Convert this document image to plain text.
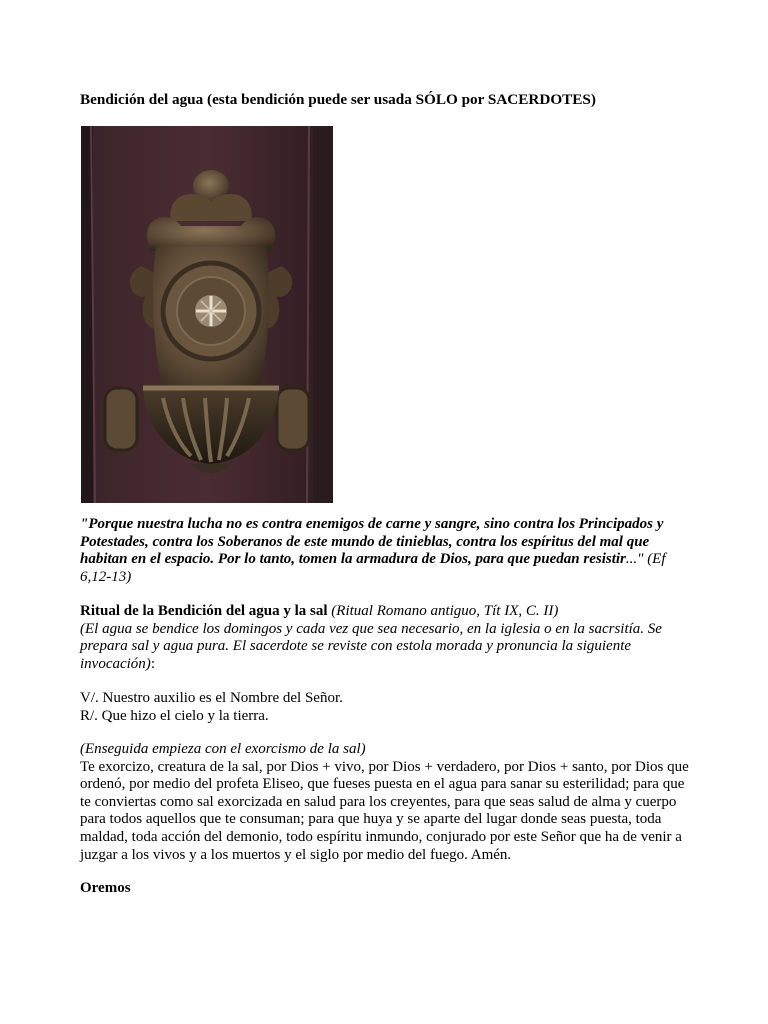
Bendición del agua (esta bendición puede ser usada SÓLO por SACERDOTES)
"Porque nuestra lucha no es contra enemigos de carne y sangre, sino contra los Principados y
Potestades, contra los Soberanos de este mundo de tinieblas, contra los espíritus del mal que
habitan en el espacio. Por lo tanto, tomen la armadura de Dios, para que puedan resistir..." (Ef
6,12-13)
Ritual de la Bendición del agua y la sal (Ritual Romano antiguo, Tít IX, C. II)
(El agua se bendice los domingos y cada vez que sea necesario, en la iglesia o en la sacrsitía. Se
prepara sal y agua pura. El sacerdote se reviste con estola morada y pronuncia la siguiente
invocación):
V/. Nuestro auxilio es el Nombre del Señor.
R/. Que hizo el cielo y la tierra.
(Enseguida empieza con el exorcismo de la sal)
Te exorcizo, creatura de la sal, por Dios + vivo, por Dios + verdadero, por Dios + santo, por Dios que
ordenó, por medio del profeta Eliseo, que fueses puesta en el agua para sanar su esterilidad; para que
te conviertas como sal exorcizada en salud para los creyentes, para que seas salud de alma y cuerpo
para todos aquellos que te consuman; para que huya y se aparte del lugar donde seas puesta, toda
maldad, toda acción del demonio, todo espíritu inmundo, conjurado por este Señor que ha de venir a
juzgar a los vivos y a los muertos y el siglo por medio del fuego. Amén.
Oremos
